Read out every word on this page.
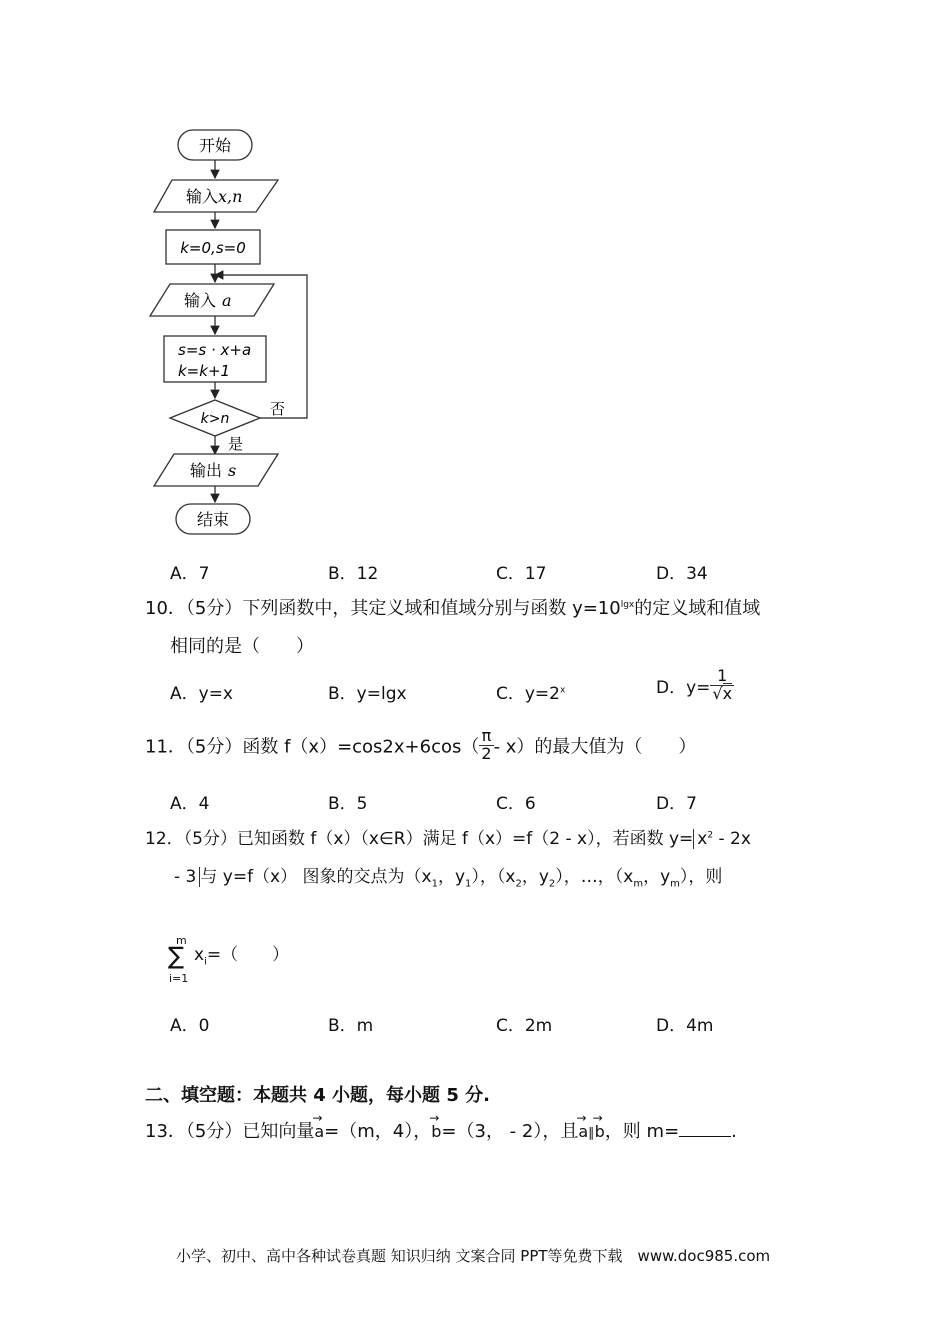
开始
输入x,n
k=0,s=0
输入 a
s=s · x+a
k=k+1
k>n
否
是
输出 s
结束
A．7	B．12	C．17	D．34
10．（5分）下列函数中，其定义域和值域分别与函数 $y=10^{lgx}$的定义域和值域
相同的是（　　）
A．y=x	B．y=lgx	C．$y=2^x$	D．$y= \frac{1}{√x}$
11．（5分）函数 $f(x)=\cos 2x+6\cos( \frac{\pi}{2} - x)$的最大值为（　　）
A．4	B．5	C．6	D．7
12．（5分）已知函数 f（x）（x∈R）满足 f（x）=f（2 - x），若函数 $y= x^2 - 2x$
- 3 与 y=f（x） 图象的交点为（$x_1$，$y_1$），（$x_2$，$y_2$），…，（$x_m$，$y_m$），则
m
∑
i=1
$x_i=$（　　）
A．0	B．m	C．2m	D．4m
二、填空题：本题共 4 小题，每小题 5 分.
13．（5分）已知向量→ a=（m，4），→ b=（3， - 2），且→ a∥→ b，则 m=	.
小学、初中、高中各种试卷真题 知识归纳 文案合同 PPT等免费下载　www.doc985.com
